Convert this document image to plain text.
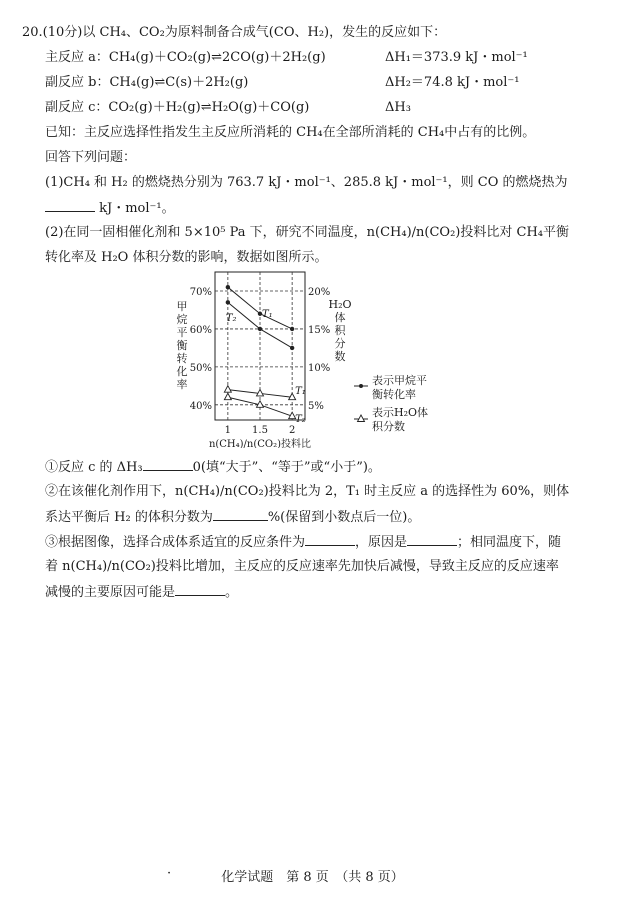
20.(10分)以 CH₄、CO₂为原料制备合成气(CO、H₂)，发生的反应如下：
主反应 a：CH₄(g)＋CO₂(g)⇌2CO(g)＋2H₂(g)	ΔH₁＝373.9 kJ・mol⁻¹
副反应 b：CH₄(g)⇌C(s)＋2H₂(g)	ΔH₂＝74.8 kJ・mol⁻¹
副反应 c：CO₂(g)＋H₂(g)⇌H₂O(g)＋CO(g)	ΔH₃
已知：主反应选择性指发生主反应所消耗的 CH₄在全部所消耗的 CH₄中占有的比例。
回答下列问题：
(1)CH₄ 和 H₂ 的燃烧热分别为 763.7 kJ・mol⁻¹、285.8 kJ・mol⁻¹，则 CO 的燃烧热为
kJ・mol⁻¹。
(2)在同一固相催化剂和 5×10⁵ Pa 下，研究不同温度，n(CH₄)/n(CO₂)投料比对 CH₄平衡
转化率及 H₂O 体积分数的影响，数据如图所示。
1 1.5 2
70%
60%
50%
40%
20%
15%
10%
5%
n(CH₄)/n(CO₂)投料比
甲
烷
平
衡
转
化
率
H₂O
体
积
分
数
T₂	T₁
T₁
T₂
表示甲烷平
衡转化率
表示H₂O体
积分数
①反应 c 的 ΔH₃	0(填“大于”、“等于”或“小于”)。
②在该催化剂作用下，n(CH₄)/n(CO₂)投料比为 2，T₁ 时主反应 a 的选择性为 60%，则体
系达平衡后 H₂ 的体积分数为	%(保留到小数点后一位)。
③根据图像，选择合成体系适宜的反应条件为	，原因是	；相同温度下，随
着 n(CH₄)/n(CO₂)投料比增加，主反应的反应速率先加快后减慢，导致主反应的反应速率
减慢的主要原因可能是	。
·	化学试题　第 8 页　（共 8 页）
